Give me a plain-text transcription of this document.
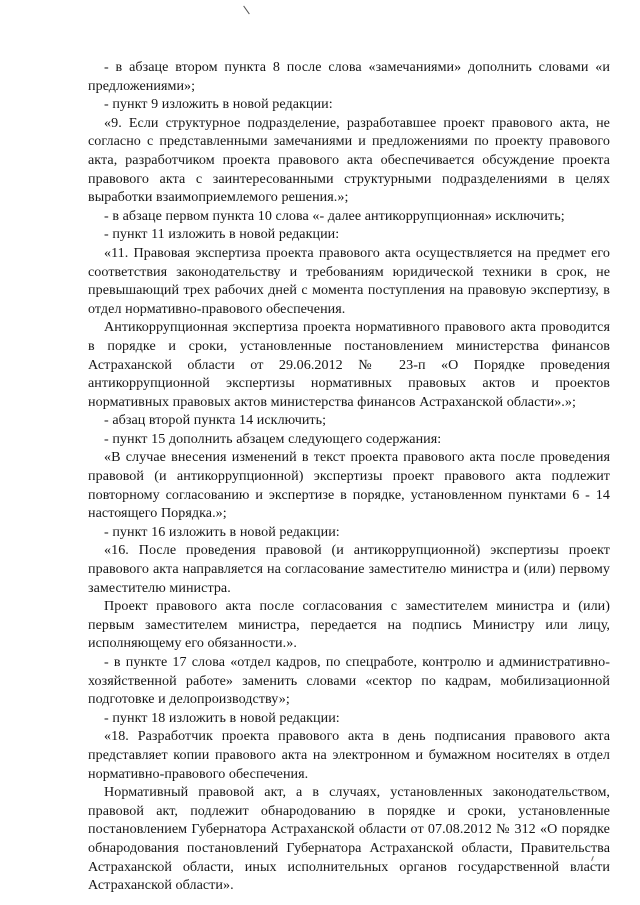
- в абзаце втором пункта 8 после слова «замечаниями» дополнить словами «и предложениями»;

- пункт 9 изложить в новой редакции:

«9. Если структурное подразделение, разработавшее проект правового акта, не согласно с представленными замечаниями и предложениями по проекту правового акта, разработчиком проекта правового акта обеспечивается обсуждение проекта правового акта с заинтересованными структурными подразделениями в целях выработки взаимоприемлемого решения.»;

- в абзаце первом пункта 10 слова «- далее антикоррупционная» исключить;

- пункт 11 изложить в новой редакции:

«11. Правовая экспертиза проекта правового акта осуществляется на предмет его соответствия законодательству и требованиям юридической техники в срок, не превышающий трех рабочих дней с момента поступления на правовую экспертизу, в отдел нормативно-правового обеспечения.

Антикоррупционная экспертиза проекта нормативного правового акта проводится в порядке и сроки, установленные постановлением министерства финансов Астраханской области от 29.06.2012 № 23-п «О Порядке проведения антикоррупционной экспертизы нормативных правовых актов и проектов нормативных правовых актов министерства финансов Астраханской области».»;

- абзац второй пункта 14 исключить;

- пункт 15 дополнить абзацем следующего содержания:

«В случае внесения изменений в текст проекта правового акта после проведения правовой (и антикоррупционной) экспертизы проект правового акта подлежит повторному согласованию и экспертизе в порядке, установленном пунктами 6 - 14 настоящего Порядка.»;

- пункт 16 изложить в новой редакции:

«16. После проведения правовой (и антикоррупционной) экспертизы проект правового акта направляется на согласование заместителю министра и (или) первому заместителю министра.

Проект правового акта после согласования с заместителем министра и (или) первым заместителем министра, передается на подпись Министру или лицу, исполняющему его обязанности.».

- в пункте 17 слова «отдел кадров, по спецработе, контролю и административно-хозяйственной работе» заменить словами «сектор по кадрам, мобилизационной подготовке и делопроизводству»;

- пункт 18 изложить в новой редакции:

«18. Разработчик проекта правового акта в день подписания правового акта представляет копии правового акта на электронном и бумажном носителях в отдел нормативно-правового обеспечения.

Нормативный правовой акт, а в случаях, установленных законодательством, правовой акт, подлежит обнародованию в порядке и сроки, установленные постановлением Губернатора Астраханской области от 07.08.2012 № 312 «О порядке обнародования постановлений Губернатора Астраханской области, Правительства Астраханской области, иных исполнительных органов государственной власти Астраханской области».
